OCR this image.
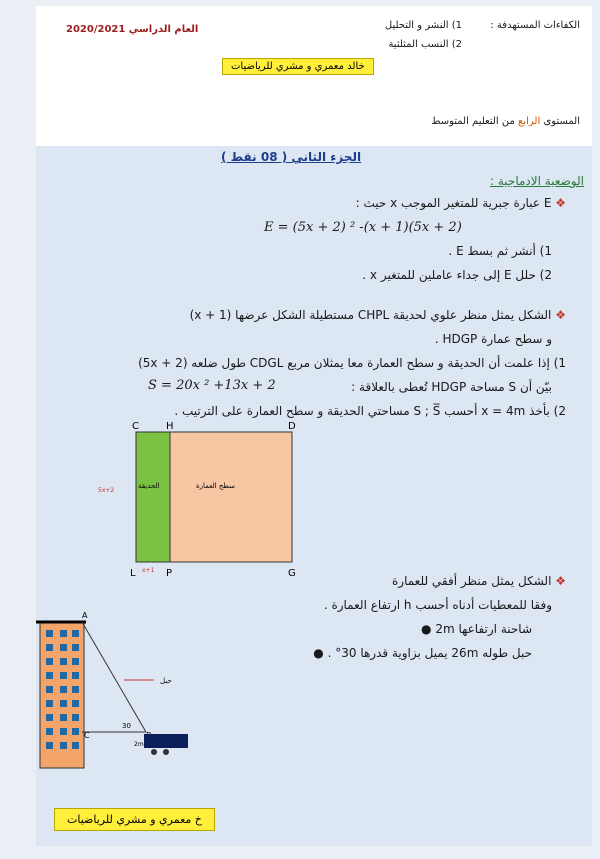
الكفاءات المستهدفة :
1) النشر و التحليل
2) النسب المثلثية
العام الدراسي 2020/2021
خالد معمري و مشري للرياضيات
المستوى الرابع من التعليم المتوسط
الجزء الثاني ( 08 نقط )
الوضعية الادماجية :
❖ E عبارة جبرية للمتغير الموجب x حيث :
E = (5x + 2) ² -(x + 1)(5x + 2)
1) أنشر ثم بسط E .
2) حلل E إلى جداء عاملين للمتغير x .
❖ الشكل يمثل منظر علوي لحديقة CHPL مستطيلة الشكل عرضها (x + 1)
و سطح عمارة HDGP .
1) إذا علمت أن الحديقة و سطح العمارة معا يمثلان مربع CDGL طول ضلعه (5x + 2)
بيّن أن S مساحة HDGP تُعطى بالعلاقة :
S = 20x ² +13x + 2
2) بأخذ x = 4m أحسب S ; S̅ مساحتي الحديقة و سطح العمارة على الترتيب .
C	H	D
L	P	G
الحديقة	سطح العمارة
5x+2
x+1
❖ الشكل يمثل منظر أفقي للعمارة
وفقا للمعطيات أدناه أحسب h ارتفاع العمارة .
شاحنة ارتفاعها 2m ●
حبل طوله 26m يميل بزاوية قدرها 30° . ●
A
C
حبل
30
2m
خ معمري و مشري للرياضيات
